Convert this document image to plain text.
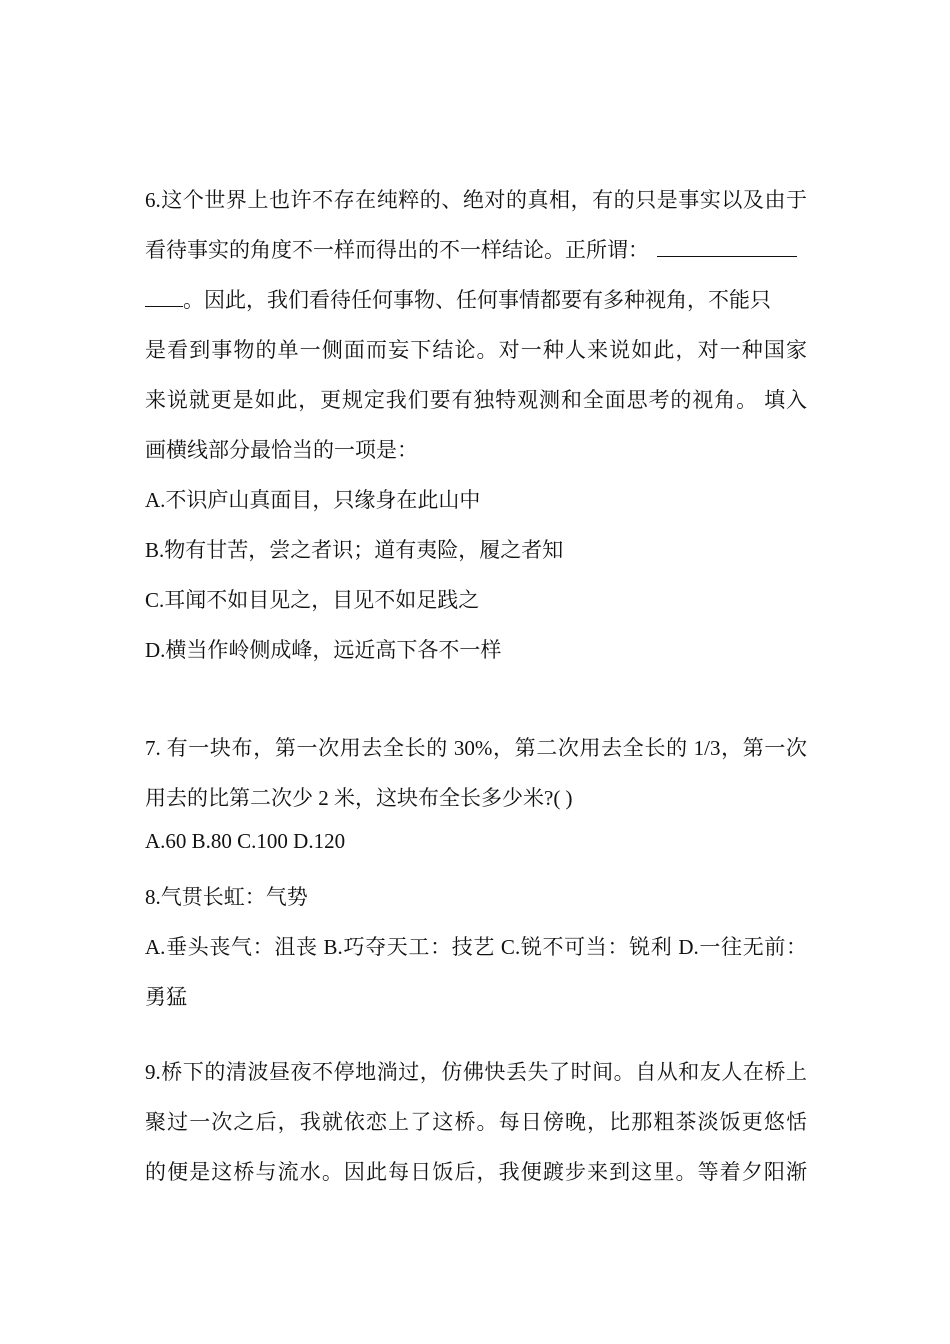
6.这个世界上也许不存在纯粹的、绝对的真相，有的只是事实以及由于
看待事实的角度不一样而得出的不一样结论。正所谓：
。因此，我们看待任何事物、任何事情都要有多种视角，不能只
是看到事物的单一侧面而妄下结论。对一种人来说如此，对一种国家
来说就更是如此，更规定我们要有独特观测和全面思考的视角。 填入
画横线部分最恰当的一项是：
A.不识庐山真面目，只缘身在此山中
B.物有甘苦，尝之者识；道有夷险，履之者知
C.耳闻不如目见之，目见不如足践之
D.横当作岭侧成峰，远近高下各不一样
7. 有一块布，第一次用去全长的 30%，第二次用去全长的 1/3，第一次
用去的比第二次少 2 米，这块布全长多少米?( )
A.60 B.80 C.100 D.120
8.气贯长虹：气势
A.垂头丧气：沮丧 B.巧夺天工：技艺 C.锐不可当：锐利 D.一往无前：
勇猛
9.桥下的清波昼夜不停地淌过，仿佛快丢失了时间。自从和友人在桥上
聚过一次之后，我就依恋上了这桥。每日傍晚，比那粗茶淡饭更悠恬
的便是这桥与流水。因此每日饭后，我便踱步来到这里。等着夕阳渐
